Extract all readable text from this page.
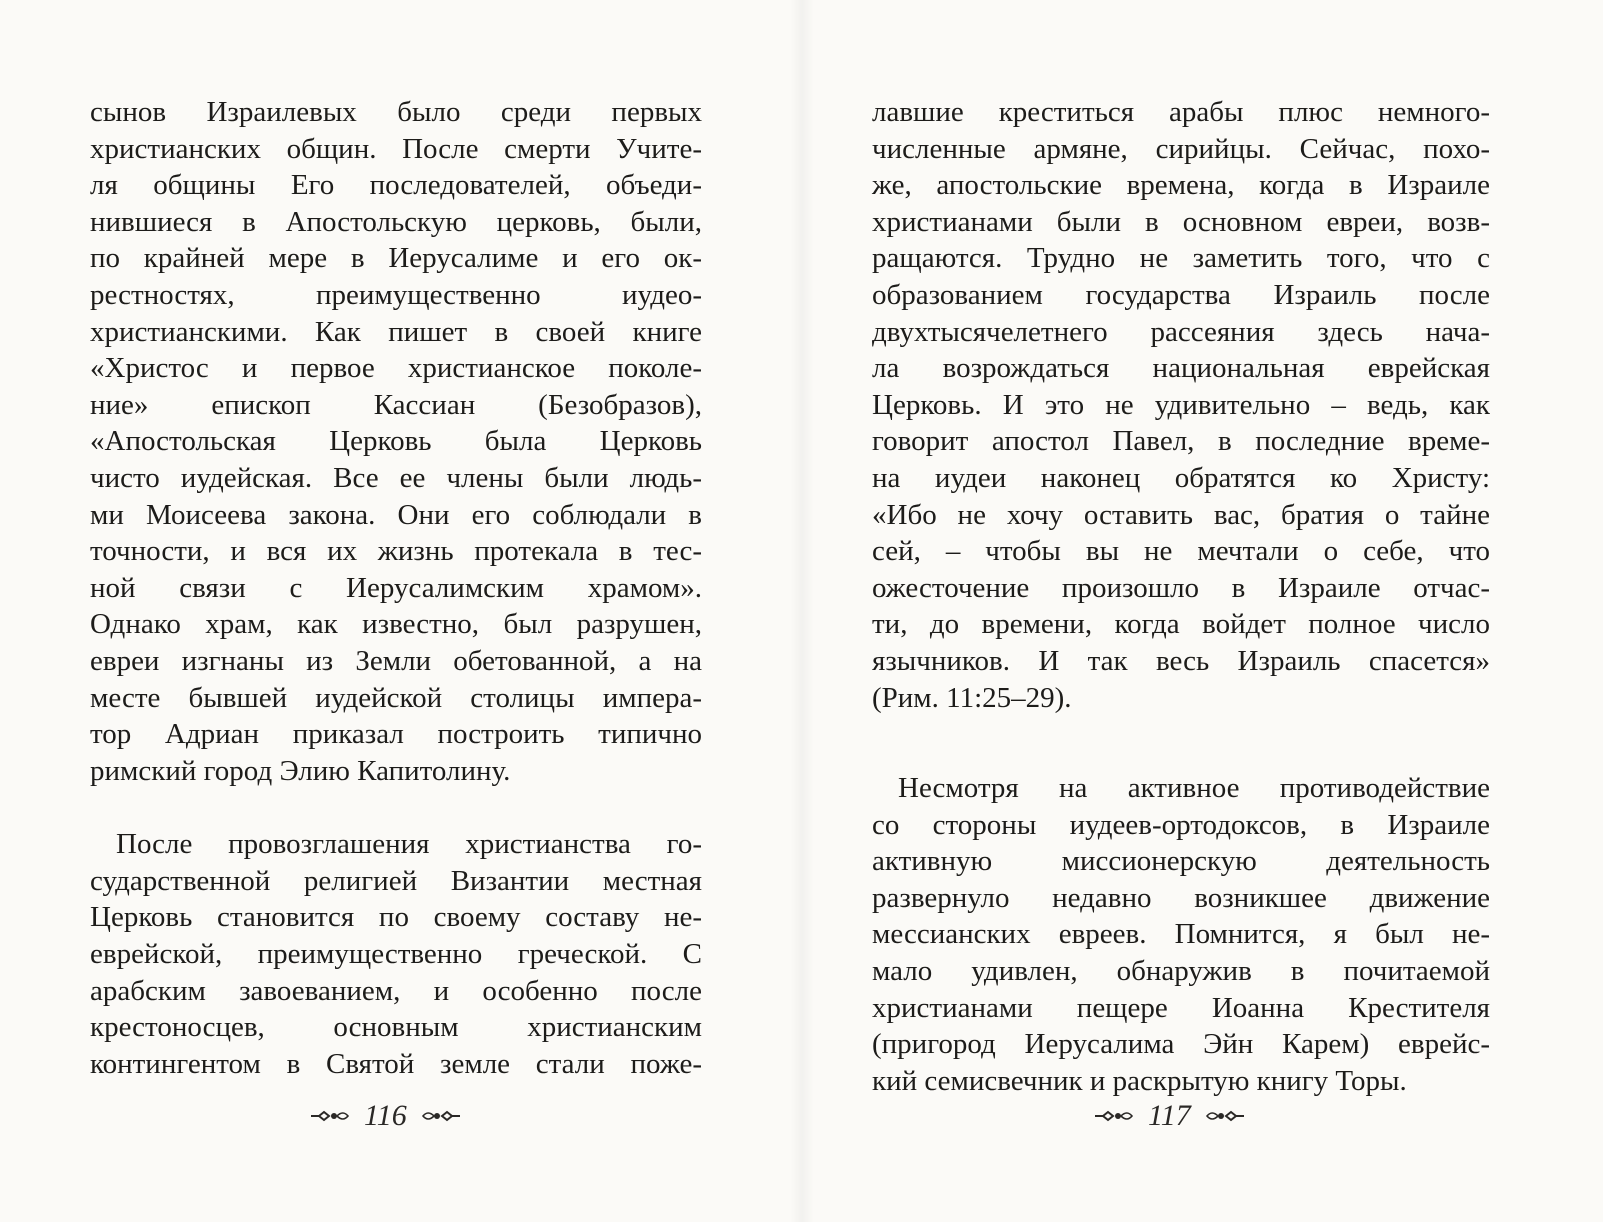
сынов Израилевых было среди первых
христианских общин. После смерти Учите-
ля общины Его последователей, объеди-
нившиеся в Апостольскую церковь, были,
по крайней мере в Иерусалиме и его ок-
рестностях, преимущественно иудео-
христианскими. Как пишет в своей книге
«Христос и первое христианское поколе-
ние» епископ Кассиан (Безобразов),
«Апостольская Церковь была Церковь
чисто иудейская. Все ее члены были людь-
ми Моисеева закона. Они его соблюдали в
точности, и вся их жизнь протекала в тес-
ной связи с Иерусалимским храмом».
Однако храм, как известно, был разрушен,
евреи изгнаны из Земли обетованной, а на
месте бывшей иудейской столицы импера-
тор Адриан приказал построить типично
римский город Элию Капитолину.
После провозглашения христианства го-
сударственной религией Византии местная
Церковь становится по своему составу не-
еврейской, преимущественно греческой. С
арабским завоеванием, и особенно после
крестоносцев, основным христианским
контингентом в Святой земле стали поже-
116
лавшие креститься арабы плюс немного-
численные армяне, сирийцы. Сейчас, похо-
же, апостольские времена, когда в Израиле
христианами были в основном евреи, возв-
ращаются. Трудно не заметить того, что с
образованием государства Израиль после
двухтысячелетнего рассеяния здесь нача-
ла возрождаться национальная еврейская
Церковь. И это не удивительно – ведь, как
говорит апостол Павел, в последние време-
на иудеи наконец обратятся ко Христу:
«Ибо не хочу оставить вас, братия о тайне
сей, – чтобы вы не мечтали о себе, что
ожесточение произошло в Израиле отчас-
ти, до времени, когда войдет полное число
язычников. И так весь Израиль спасется»
(Рим. 11:25–29).
Несмотря на активное противодействие
со стороны иудеев-ортодоксов, в Израиле
активную миссионерскую деятельность
развернуло недавно возникшее движение
мессианских евреев. Помнится, я был не-
мало удивлен, обнаружив в почитаемой
христианами пещере Иоанна Крестителя
(пригород Иерусалима Эйн Карем) еврейс-
кий семисвечник и раскрытую книгу Торы.
117
